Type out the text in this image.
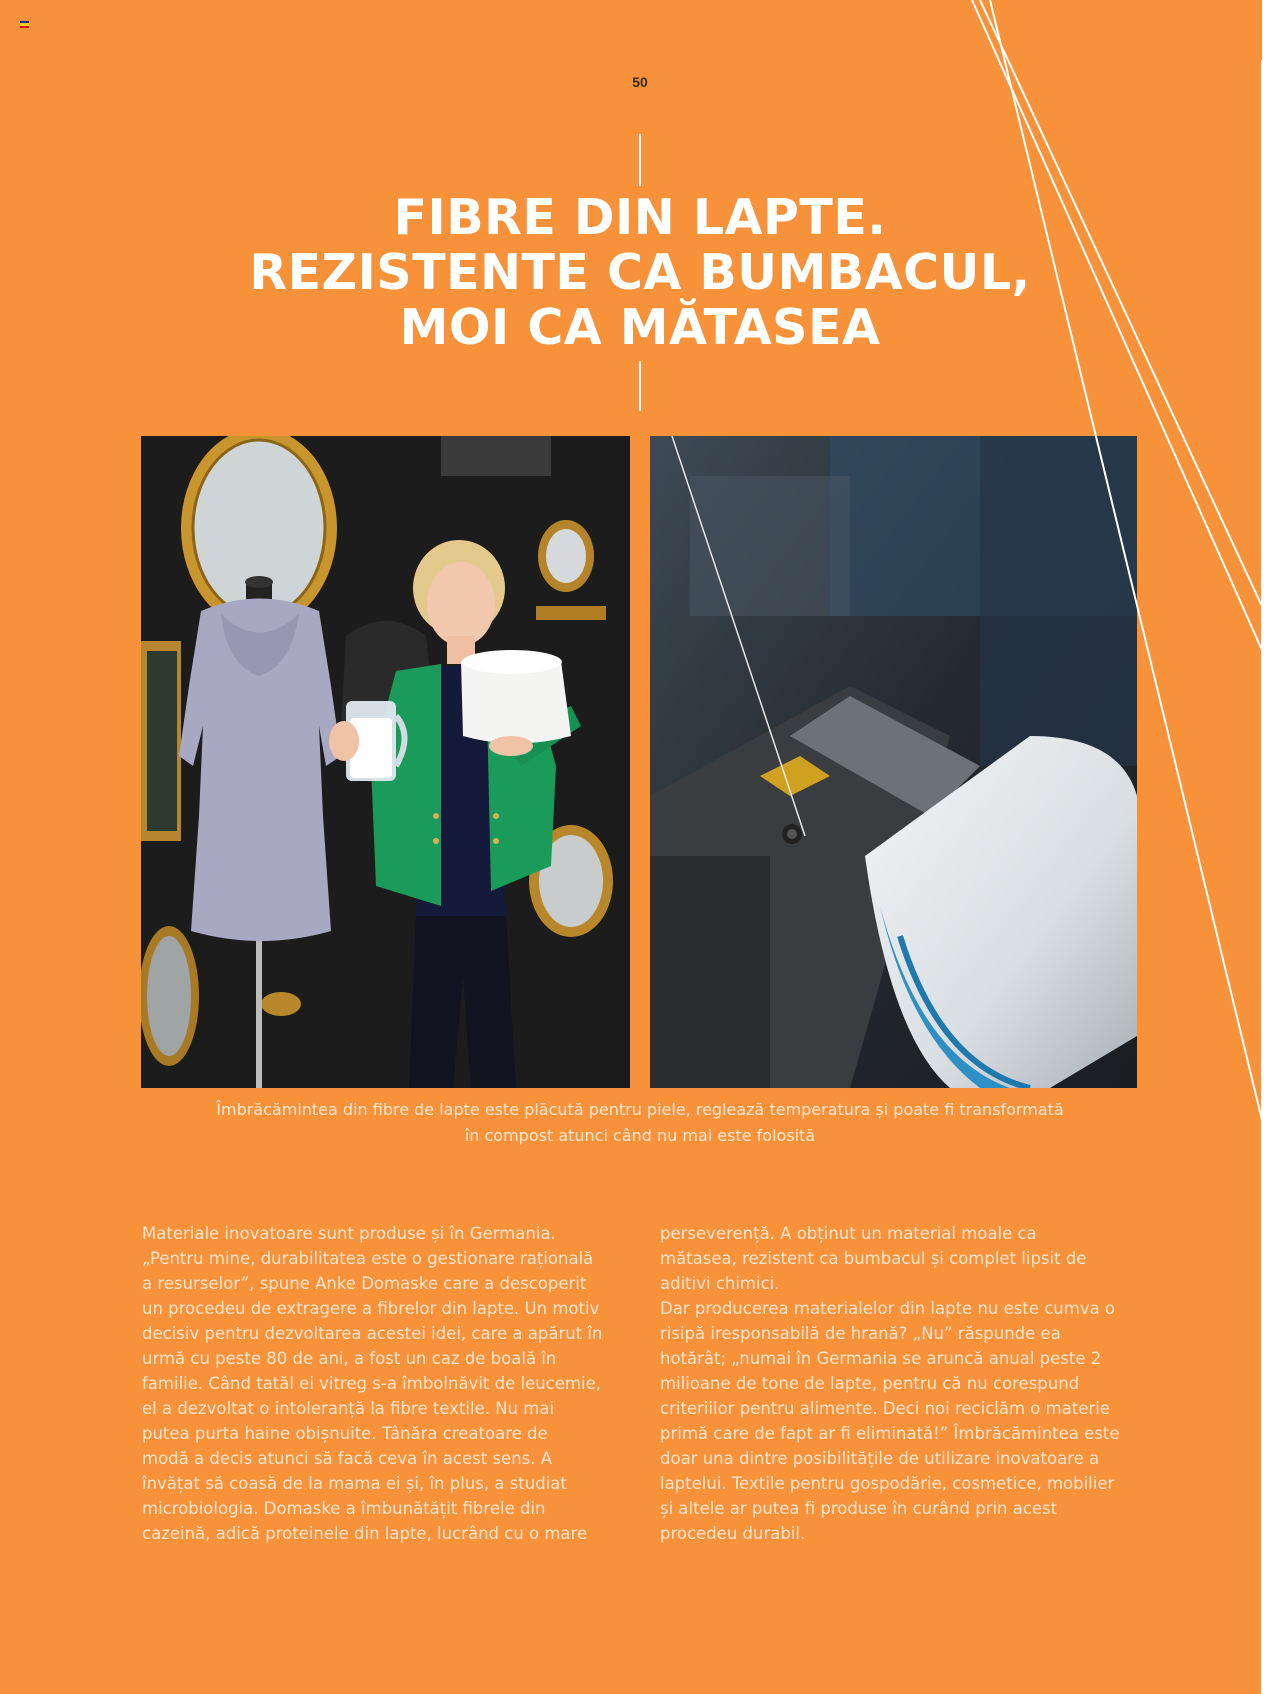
50
FIBRE DIN LAPTE.
REZISTENTE CA BUMBACUL,
MOI CA MĂTASEA
Îmbrăcămintea din fibre de lapte este plăcută pentru piele, reglează temperatura și poate fi transformată
în compost atunci când nu mai este folosită
Materiale inovatoare sunt produse și în Germania.
„Pentru mine, durabilitatea este o gestionare rațională
a resurselor”, spune Anke Domaske care a descoperit
un procedeu de extragere a fibrelor din lapte. Un motiv
decisiv pentru dezvoltarea acestei idei, care a apărut în
urmă cu peste 80 de ani, a fost un caz de boală în
familie. Când tatăl ei vitreg s-a îmbolnăvit de leucemie,
el a dezvoltat o intoleranță la fibre textile. Nu mai
putea purta haine obișnuite. Tânăra creatoare de
modă a decis atunci să facă ceva în acest sens. A
învățat să coasă de la mama ei și, în plus, a studiat
microbiologia. Domaske a îmbunătățit fibrele din
cazeină, adică proteinele din lapte, lucrând cu o mare
perseverență. A obținut un material moale ca
mătasea, rezistent ca bumbacul și complet lipsit de
aditivi chimici.
Dar producerea materialelor din lapte nu este cumva o
risipă iresponsabilă de hrană? „Nu” răspunde ea
hotărât; „numai în Germania se aruncă anual peste 2
milioane de tone de lapte, pentru că nu corespund
criteriilor pentru alimente. Deci noi reciclăm o materie
primă care de fapt ar fi eliminată!” Îmbrăcămintea este
doar una dintre posibilitățile de utilizare inovatoare a
laptelui. Textile pentru gospodărie, cosmetice, mobilier
și altele ar putea fi produse în curând prin acest
procedeu durabil.
